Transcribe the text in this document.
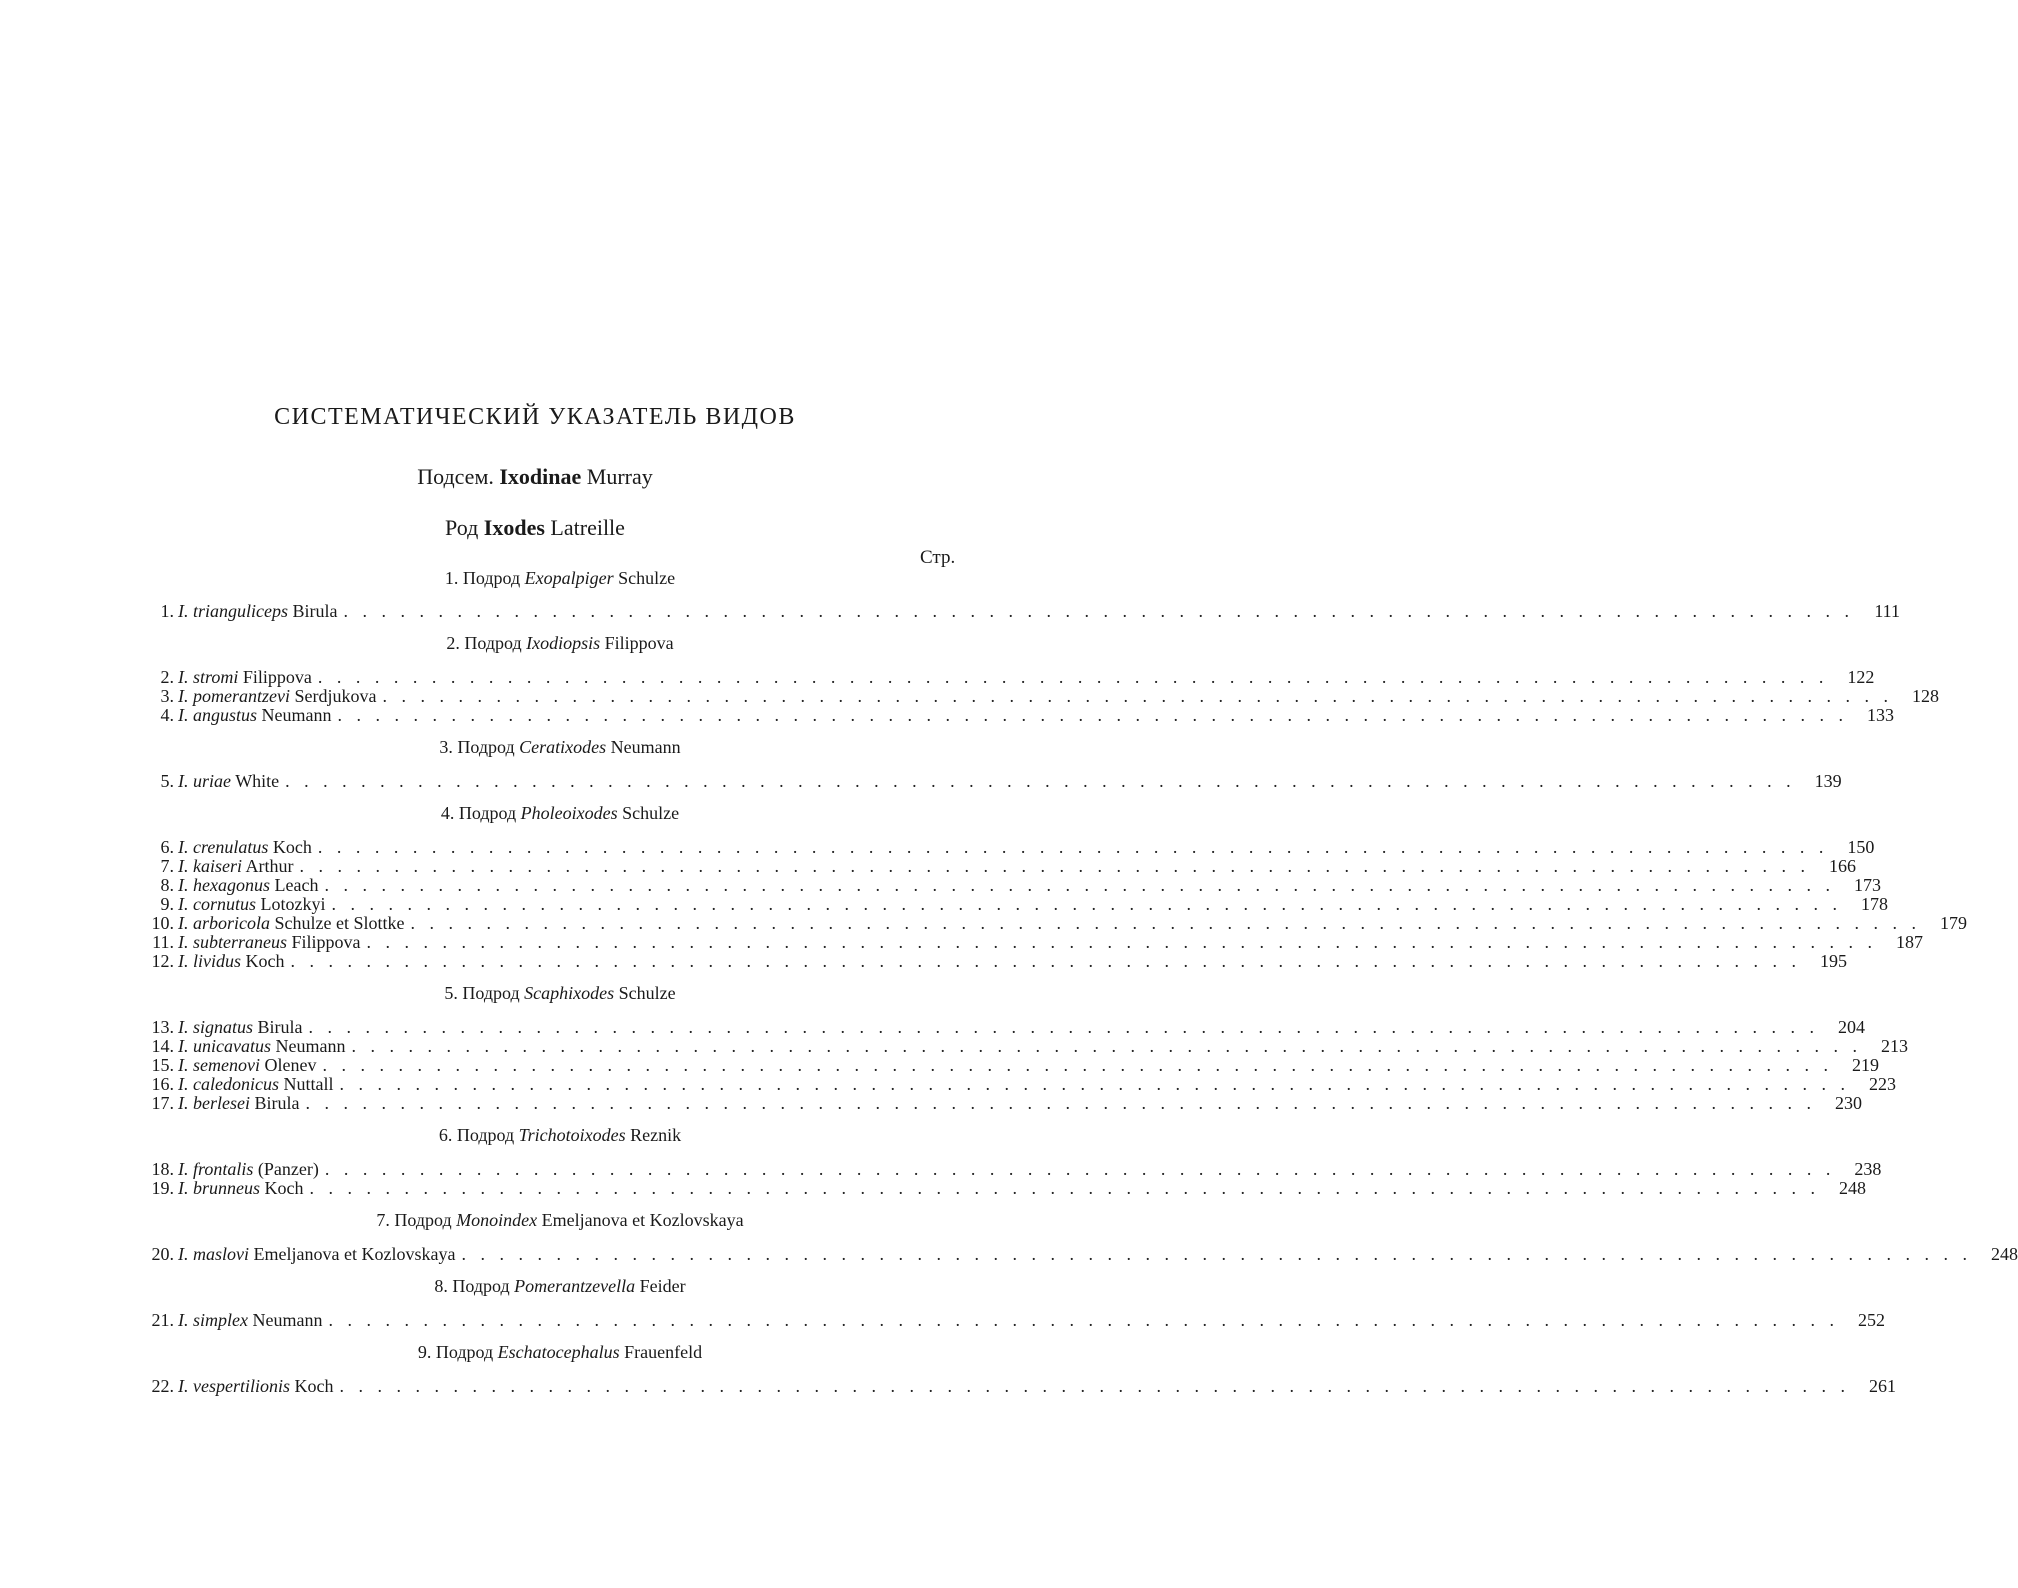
СИСТЕМАТИЧЕСКИЙ УКАЗАТЕЛЬ ВИДОВ
Подсем. Ixodinae Murray
Род Ixodes Latreille
Стр.
1. Подрод Exopalpiger Schulze
1. I. trianguliceps Birula . . . . . . . . . . . . . . . . . . . . . . . . . . . . . . . . . . . . . . . . . . . . . . . . . . . . . . . . . . . . . . . . . . . . . . . . . . . . . . . .	111
2. Подрод Ixodiopsis Filippova
2. I. stromi Filippova . . . . . . . . . . . . . . . . . . . . . . . . . . . . . . . . . . . . . . . . . . . . . . . . . . . . . . . . . . . . . . . . . . . . . . . . . . . . . . . .	122
3. I. pomerantzevi Serdjukova . . . . . . . . . . . . . . . . . . . . . . . . . . . . . . . . . . . . . . . . . . . . . . . . . . . . . . . . . . . . . . . . . . . . . . . . . . . . . . . .	128
4. I. angustus Neumann . . . . . . . . . . . . . . . . . . . . . . . . . . . . . . . . . . . . . . . . . . . . . . . . . . . . . . . . . . . . . . . . . . . . . . . . . . . . . . . .	133
3. Подрод Ceratixodes Neumann
5. I. uriae White . . . . . . . . . . . . . . . . . . . . . . . . . . . . . . . . . . . . . . . . . . . . . . . . . . . . . . . . . . . . . . . . . . . . . . . . . . . . . . . .	139
4. Подрод Pholeoixodes Schulze
6. I. crenulatus Koch . . . . . . . . . . . . . . . . . . . . . . . . . . . . . . . . . . . . . . . . . . . . . . . . . . . . . . . . . . . . . . . . . . . . . . . . . . . . . . . .	150
7. I. kaiseri Arthur . . . . . . . . . . . . . . . . . . . . . . . . . . . . . . . . . . . . . . . . . . . . . . . . . . . . . . . . . . . . . . . . . . . . . . . . . . . . . . . .	166
8. I. hexagonus Leach . . . . . . . . . . . . . . . . . . . . . . . . . . . . . . . . . . . . . . . . . . . . . . . . . . . . . . . . . . . . . . . . . . . . . . . . . . . . . . . .	173
9. I. cornutus Lotozkyi . . . . . . . . . . . . . . . . . . . . . . . . . . . . . . . . . . . . . . . . . . . . . . . . . . . . . . . . . . . . . . . . . . . . . . . . . . . . . . . .	178
10. I. arboricola Schulze et Slottke . . . . . . . . . . . . . . . . . . . . . . . . . . . . . . . . . . . . . . . . . . . . . . . . . . . . . . . . . . . . . . . . . . . . . . . . . . . . . . . .	179
11. I. subterraneus Filippova . . . . . . . . . . . . . . . . . . . . . . . . . . . . . . . . . . . . . . . . . . . . . . . . . . . . . . . . . . . . . . . . . . . . . . . . . . . . . . . .	187
12. I. lividus Koch . . . . . . . . . . . . . . . . . . . . . . . . . . . . . . . . . . . . . . . . . . . . . . . . . . . . . . . . . . . . . . . . . . . . . . . . . . . . . . . .	195
5. Подрод Scaphixodes Schulze
13. I. signatus Birula . . . . . . . . . . . . . . . . . . . . . . . . . . . . . . . . . . . . . . . . . . . . . . . . . . . . . . . . . . . . . . . . . . . . . . . . . . . . . . . .	204
14. I. unicavatus Neumann . . . . . . . . . . . . . . . . . . . . . . . . . . . . . . . . . . . . . . . . . . . . . . . . . . . . . . . . . . . . . . . . . . . . . . . . . . . . . . . .	213
15. I. semenovi Olenev . . . . . . . . . . . . . . . . . . . . . . . . . . . . . . . . . . . . . . . . . . . . . . . . . . . . . . . . . . . . . . . . . . . . . . . . . . . . . . . .	219
16. I. caledonicus Nuttall . . . . . . . . . . . . . . . . . . . . . . . . . . . . . . . . . . . . . . . . . . . . . . . . . . . . . . . . . . . . . . . . . . . . . . . . . . . . . . . .	223
17. I. berlesei Birula . . . . . . . . . . . . . . . . . . . . . . . . . . . . . . . . . . . . . . . . . . . . . . . . . . . . . . . . . . . . . . . . . . . . . . . . . . . . . . . .	230
6. Подрод Trichotoixodes Reznik
18. I. frontalis (Panzer) . . . . . . . . . . . . . . . . . . . . . . . . . . . . . . . . . . . . . . . . . . . . . . . . . . . . . . . . . . . . . . . . . . . . . . . . . . . . . . . .	238
19. I. brunneus Koch . . . . . . . . . . . . . . . . . . . . . . . . . . . . . . . . . . . . . . . . . . . . . . . . . . . . . . . . . . . . . . . . . . . . . . . . . . . . . . . .	248
7. Подрод Monoindex Emeljanova et Kozlovskaya
20. I. maslovi Emeljanova et Kozlovskaya . . . . . . . . . . . . . . . . . . . . . . . . . . . . . . . . . . . . . . . . . . . . . . . . . . . . . . . . . . . . . . . . . . . . . . . . . . . . . . . .	248
8. Подрод Pomerantzevella Feider
21. I. simplex Neumann . . . . . . . . . . . . . . . . . . . . . . . . . . . . . . . . . . . . . . . . . . . . . . . . . . . . . . . . . . . . . . . . . . . . . . . . . . . . . . . .	252
9. Подрод Eschatocephalus Frauenfeld
22. I. vespertilionis Koch . . . . . . . . . . . . . . . . . . . . . . . . . . . . . . . . . . . . . . . . . . . . . . . . . . . . . . . . . . . . . . . . . . . . . . . . . . . . . . . .	261
